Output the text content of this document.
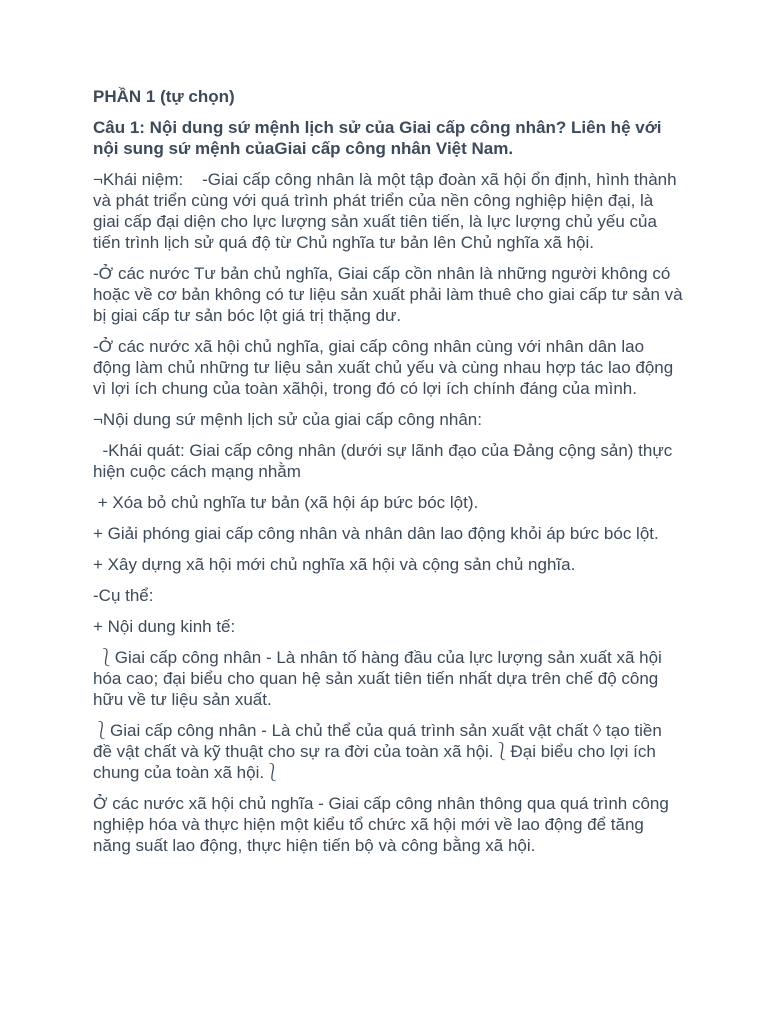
PHẦN 1 (tự chọn)

Câu 1: Nội dung sứ mệnh lịch sử của Giai cấp công nhân? Liên hệ với nội sung sứ mệnh củaGiai cấp công nhân Việt Nam.

¬Khái niệm:    -Giai cấp công nhân là một tập đoàn xã hội ổn định, hình thành và phát triển cùng với quá trình phát triển của nền công nghiệp hiện đại, là giai cấp đại diện cho lực lượng sản xuất tiên tiến, là lực lượng chủ yếu của tiến trình lịch sử quá độ từ Chủ nghĩa tư bản lên Chủ nghĩa xã hội.

-Ở các nước Tư bản chủ nghĩa, Giai cấp cồn nhân là những người không có hoặc về cơ bản không có tư liệu sản xuất phải làm thuê cho giai cấp tư sản và bị giai cấp tư sản bóc lột giá trị thặng dư.

-Ở các nước xã hội chủ nghĩa, giai cấp công nhân cùng với nhân dân lao động làm chủ những tư liệu sản xuất chủ yếu và cùng nhau hợp tác lao động vì lợi ích chung của toàn xãhội, trong đó có lợi ích chính đáng của mình.

¬Nội dung sứ mệnh lịch sử của giai cấp công nhân:

-Khái quát: Giai cấp công nhân (dưới sự lãnh đạo của Đảng cộng sản) thực hiện cuộc cách mạng nhằm

+ Xóa bỏ chủ nghĩa tư bản (xã hội áp bức bóc lột).

+ Giải phóng giai cấp công nhân và nhân dân lao động khỏi áp bức bóc lột.

+ Xây dựng xã hội mới chủ nghĩa xã hội và cộng sản chủ nghĩa.

-Cụ thể:

+ Nội dung kinh tế:

⎱Giai cấp công nhân - Là nhân tố hàng đầu của lực lượng sản xuất xã hội hóa cao; đại biểu cho quan hệ sản xuất tiên tiến nhất dựa trên chế độ công hữu về tư liệu sản xuất.

⎱Giai cấp công nhân - Là chủ thể của quá trình sản xuất vật chất ◊ tạo tiền đề vật chất và kỹ thuật cho sự ra đời của toàn xã hội.⎱Đại biểu cho lợi ích chung của toàn xã hội.⎱

Ở các nước xã hội chủ nghĩa - Giai cấp công nhân thông qua quá trình công nghiệp hóa và thực hiện một kiểu tổ chức xã hội mới về lao động để tăng năng suất lao động, thực hiện tiến bộ và công bằng xã hội.
